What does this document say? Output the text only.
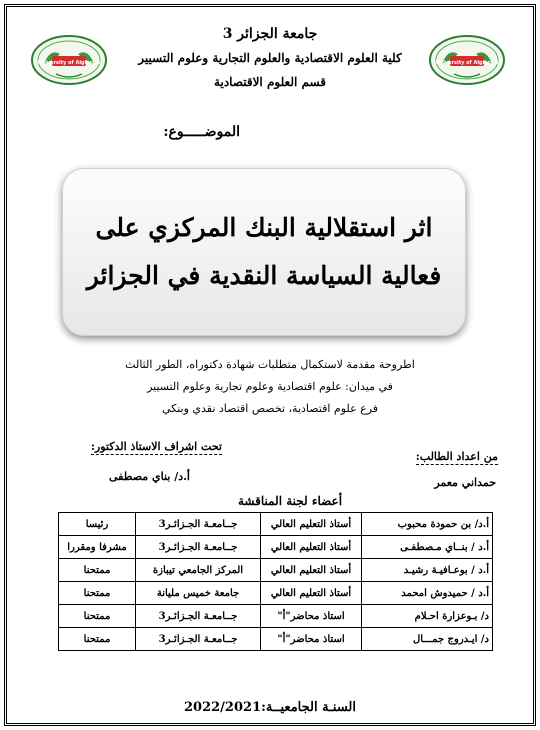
University of Algiers 3	University of Algiers 3
جامعة الجزائر 3
كلية العلوم الاقتصادية والعلوم التجارية وعلوم التسيير
قسم العلوم الاقتصادية
الموضـــــوع:
اثر استقلالية البنك المركزي على
فعالية السياسة النقدية في الجزائر
اطروحة مقدمة لاستكمال متطلبات شهادة دكتوراه، الطور الثالث
في ميدان: علوم اقتصادية وعلوم تجارية وعلوم التسيير
فرع علوم اقتصادية، تخصص اقتصاد نقدي وبنكي
تحت اشراف الاستاذ الدكتور:
أ.د/ بناي مصطفى
من اعداد الطالب:
حمداني معمر
أعضاء لجنة المناقشة
أ.د/ بن حمودة محبوب	أستاذ التعليم العالي	جــامعـة الجـزائـر3	رئيسا
أ.د / بنــاي مـصطفـى	أستاذ التعليم العالي	جــامعـة الجـزائـر3	مشرفا ومقررا
أ.د / بوعـافيـة رشيـد	أستاذ التعليم العالي	المركز الجامعي تيبازة	ممتحنا
أ.د / حميدوش امحمد	أستاذ التعليم العالي	جامعة خميس مليانة	ممتحنا
د/ بـوعزارة احـلام	استاذ محاضر"أ"	جــامعـة الجـزائـر3	ممتحنا
د/ ايـدروج جمـــال	استاذ محاضر"أ"	جــامعـة الجـزائـر3	ممتحنا
السنـة الجامعيــة:2022/2021
